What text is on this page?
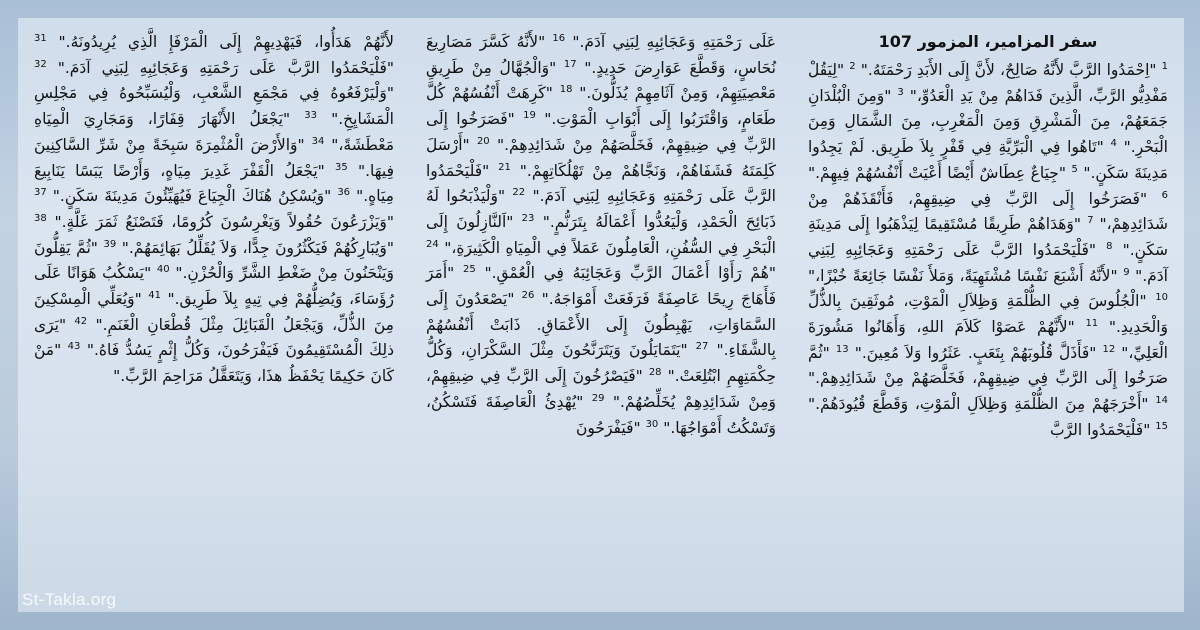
سفر المزامير، المزمور 107
$^1$ "اِحْمَدُوا الرَّبَّ لأَنَّهُ صَالِحٌ، لأَنَّ إِلَى الأَبَدِ رَحْمَتَهُ." $^2$ "لِيَقُلْ مَفْدِيُّو الرَّبِّ، الَّذِينَ فَدَاهُمْ مِنْ يَدِ الْعَدُوِّ،" $^3$ "وَمِنَ الْبُلْدَانِ جَمَعَهُمْ، مِنَ الْمَشْرِقِ وَمِنَ الْمَغْرِبِ، مِنَ الشَّمَالِ وَمِنَ الْبَحْرِ." $^4$ "تَاهُوا فِي الْبَرِّيَّةِ فِي قَفْرٍ بِلاَ طَرِيق. لَمْ يَجِدُوا مَدِينَةَ سَكَنٍ." $^5$ "جِيَاعٌ عِطَاشٌ أَيْضًا أَعْيَتْ أَنْفُسُهُمْ فِيهِمْ." $^6$ "فَصَرَخُوا إِلَى الرَّبِّ فِي ضِيقِهِمْ، فَأَنْقَذَهُمْ مِنْ شَدَائِدِهِمْ،" $^7$ "وَهَدَاهُمْ طَرِيقًا مُسْتَقِيمًا لِيَذْهَبُوا إِلَى مَدِينَةِ سَكَنٍ." $^8$ "فَلْيَحْمَدُوا الرَّبَّ عَلَى رَحْمَتِهِ وَعَجَائِبِهِ لِبَنِي آدَمَ." $^9$ "لأَنَّهُ أَشْبَعَ نَفْسًا مُشْتَهِيَةً، وَمَلأَ نَفْسًا جَائِعَةً خُبْزًا،" $^{10}$ "الْجُلُوسَ فِي الظُّلْمَةِ وَظِلاَلِ الْمَوْتِ، مُوثَقِينَ بِالذُّلِّ وَالْحَدِيدِ." $^{11}$ "لأَنَّهُمْ عَصَوْا كَلاَمَ اللهِ، وَأَهَانُوا مَشُورَةَ الْعَلِيِّ،" $^{12}$ "فَأَذَلَّ قُلُوبَهُمْ بِتَعَبٍ. عَثَرُوا وَلاَ مُعِينَ." $^{13}$ "ثُمَّ صَرَخُوا إِلَى الرَّبِّ فِي ضِيقِهِمْ، فَخَلَّصَهُمْ مِنْ شَدَائِدِهِمْ." $^{14}$ "أَخْرَجَهُمْ مِنَ الظُّلْمَةِ وَظِلاَلِ الْمَوْتِ، وَقَطَّعَ قُيُودَهُمْ." $^{15}$ "فَلْيَحْمَدُوا الرَّبَّ
عَلَى رَحْمَتِهِ وَعَجَائِبِهِ لِبَنِي آدَمَ." $^{16}$ "لأَنَّهُ كَسَّرَ مَصَارِيعَ نُحَاسٍ، وَقَطَّعَ عَوَارِضَ حَدِيدٍ." $^{17}$ "وَالْجُهَّالُ مِنْ طَرِيقِ مَعْصِيَتِهِمْ، وَمِنْ آثَامِهِمْ يُذَلُّونَ." $^{18}$ "كَرِهَتْ أَنْفُسُهُمْ كُلَّ طَعَامٍ، وَاقْتَرَبُوا إِلَى أَبْوَابِ الْمَوْتِ." $^{19}$ "فَصَرَخُوا إِلَى الرَّبِّ فِي ضِيقِهِمْ، فَخَلَّصَهُمْ مِنْ شَدَائِدِهِمْ." $^{20}$ "أَرْسَلَ كَلِمَتَهُ فَشَفَاهُمْ، وَنَجَّاهُمْ مِنْ تَهْلُكَاتِهِمْ." $^{21}$ "فَلْيَحْمَدُوا الرَّبَّ عَلَى رَحْمَتِهِ وَعَجَائِبِهِ لِبَنِي آدَمَ." $^{22}$ "وَلْيَذْبَحُوا لَهُ ذَبَائِحَ الْحَمْدِ، وَلْيَعُدُّوا أَعْمَالَهُ بِتَرَنُّمٍ." $^{23}$ "اَلنَّازِلُونَ إِلَى الْبَحْرِ فِي السُّفُنِ، الْعَامِلُونَ عَمَلاً فِي الْمِيَاهِ الْكَثِيرَةِ،" $^{24}$ "هُمْ رَأَوْا أَعْمَالَ الرَّبِّ وَعَجَائِبَهُ فِي الْعُمْقِ." $^{25}$ "أَمَرَ فَأَهَاجَ رِيحًا عَاصِفَةً فَرَفَعَتْ أَمْوَاجَهُ." $^{26}$ "يَصْعَدُونَ إِلَى السَّمَاوَاتِ، يَهْبِطُونَ إِلَى الأَعْمَاقِ. ذَابَتْ أَنْفُسُهُمْ بِالشَّقَاءِ." $^{27}$ "يَتَمَايَلُونَ وَيَتَرَنَّحُونَ مِثْلَ السَّكْرَانِ، وَكُلُّ حِكْمَتِهِمِ ابْتُلِعَتْ." $^{28}$ "فَيَصْرُخُونَ إِلَى الرَّبِّ فِي ضِيقِهِمْ، وَمِنْ شَدَائِدِهِمْ يُخَلِّصُهُمْ." $^{29}$ "يُهْدِئُ الْعَاصِفَةَ فَتَسْكُنُ، وَتَسْكُتُ أَمْوَاجُهَا." $^{30}$ "فَيَفْرَحُونَ
لأَنَّهُمْ هَدَأُوا، فَيَهْدِيهِمْ إِلَى الْمَرْفَإِ الَّذِي يُرِيدُونَهُ." $^{31}$ "فَلْيَحْمَدُوا الرَّبَّ عَلَى رَحْمَتِهِ وَعَجَائِبِهِ لِبَنِي آدَمَ." $^{32}$ "وَلْيَرْفَعُوهُ فِي مَجْمَعِ الشَّعْبِ، وَلْيُسَبِّحُوهُ فِي مَجْلِسِ الْمَشَايِخِ." $^{33}$ "يَجْعَلُ الأَنْهَارَ قِفَارًا، وَمَجَارِيَ الْمِيَاهِ مَعْطَشَةً،" $^{34}$ "وَالأَرْضَ الْمُثْمِرَةَ سَبِخَةً مِنْ شَرِّ السَّاكِنِينَ فِيهَا." $^{35}$ "يَجْعَلُ الْقَفْرَ غَدِيرَ مِيَاهٍ، وَأَرْضًا يَبَسًا يَنَابِيعَ مِيَاهٍ." $^{36}$ "وَيُسْكِنُ هُنَاكَ الْجِيَاعَ فَيُهَيِّئُونَ مَدِينَةَ سَكَنٍ." $^{37}$ "وَيَزْرَعُونَ حُقُولاً وَيَغْرِسُونَ كُرُومًا، فَتَصْنَعُ ثَمَرَ غَلَّةٍ." $^{38}$ "وَيُبَارِكُهُمْ فَيَكْثُرُونَ جِدًّا، وَلاَ يُقَلِّلُ بَهَائِمَهُمْ." $^{39}$ "ثُمَّ يَقِلُّونَ وَيَنْحَنُونَ مِنْ ضَغْطِ الشَّرِّ وَالْحُزْنِ." $^{40}$ "يَسْكُبُ هَوَانًا عَلَى رُؤَسَاءَ، وَيُضِلُّهُمْ فِي تِيهٍ بِلاَ طَرِيق." $^{41}$ "وَيُعَلِّي الْمِسْكِينَ مِنَ الذُّلِّ، وَيَجْعَلُ الْقَبَائِلَ مِثْلَ قُطْعَانِ الْغَنَمِ." $^{42}$ "يَرَى ذلِكَ الْمُسْتَقِيمُونَ فَيَفْرَحُونَ، وَكُلُّ إِثْمٍ يَسُدُّ فَاهُ." $^{43}$ "مَنْ كَانَ حَكِيمًا يَحْفَظُ هذَا، وَيَتَعَقَّلُ مَرَاحِمَ الرَّبِّ."
St-Takla.org
